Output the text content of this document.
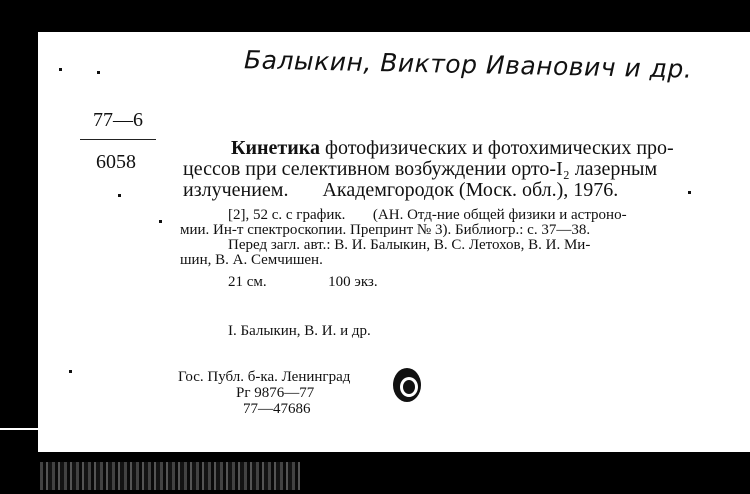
Балыкин, Виктор Иванович и др.
77—6
6058
Кинетика фотофизических и фотохимических про-
цессов при селективном возбуждении орто-I₂ лазерным
излучением. Академгородок (Моск. обл.), 1976.
[2], 52 с. с график. (АН. Отд-ние общей физики и астроно-
мии. Ин-т спектроскопии. Препринт № 3). Библиогр.: с. 37—38.
Перед загл. авт.: В. И. Балыкин, В. С. Летохов, В. И. Ми-
шин, В. А. Семчишен.
21 см.	100 экз.
I. Балыкин, В. И. и др.
Гос. Публ. б-ка. Ленинград
Рг 9876—77
77—47686
